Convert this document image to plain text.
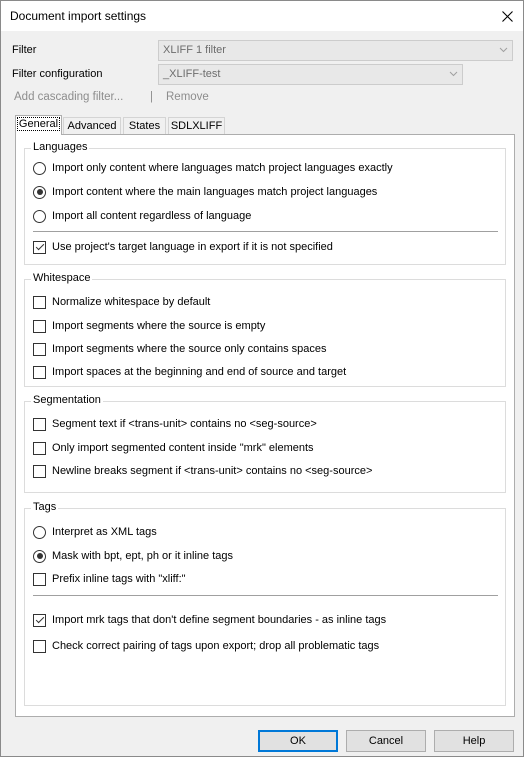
Document import settings
Filter	XLIFF 1 filter
Filter configuration	_XLIFF-test
Add cascading filter... | Remove
General Advanced	States SDLXLIFF
Languages
Import only content where languages match project languages exactly
Import content where the main languages match project languages
Import all content regardless of language
Use project's target language in export if it is not specified
Whitespace
Normalize whitespace by default
Import segments where the source is empty
Import segments where the source only contains spaces
Import spaces at the beginning and end of source and target
Segmentation
Segment text if <trans-unit> contains no <seg-source>
Only import segmented content inside "mrk" elements
Newline breaks segment if <trans-unit> contains no <seg-source>
Tags
Interpret as XML tags
Mask with bpt, ept, ph or it inline tags
Prefix inline tags with "xliff:"
Import mrk tags that don't define segment boundaries - as inline tags
Check correct pairing of tags upon export; drop all problematic tags
OK	Cancel	Help
